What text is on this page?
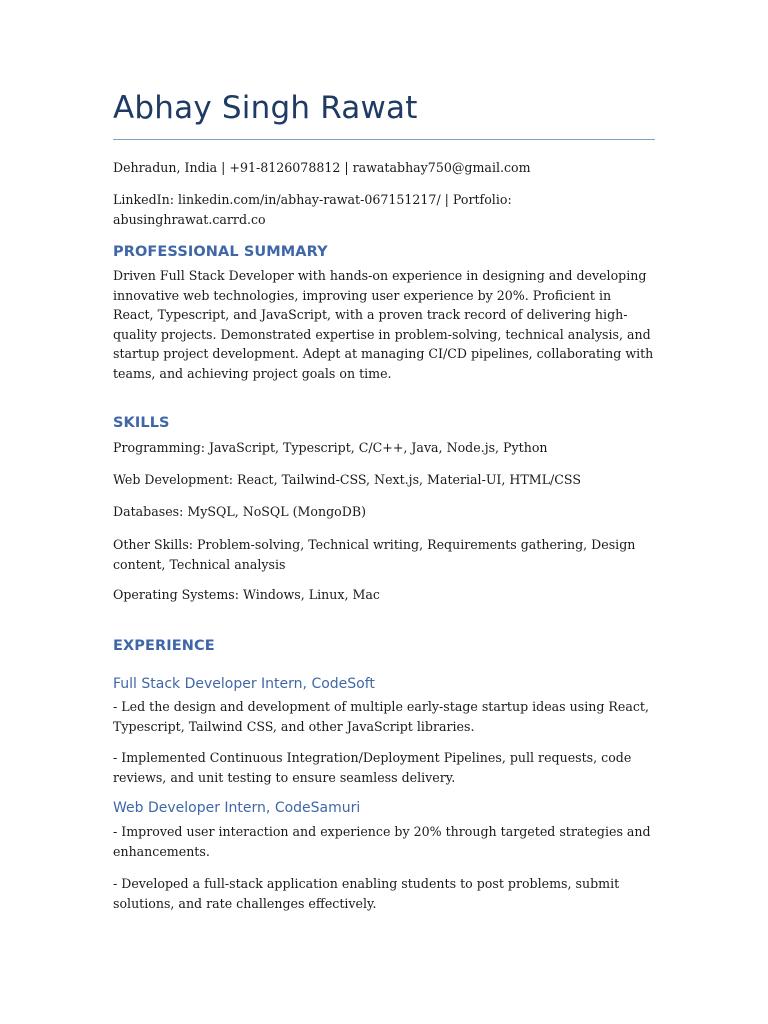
Abhay Singh Rawat

Dehradun, India | +91-8126078812 | rawatabhay750@gmail.com

LinkedIn: linkedin.com/in/abhay-rawat-067151217/ | Portfolio: abusinghrawat.carrd.co

PROFESSIONAL SUMMARY

Driven Full Stack Developer with hands-on experience in designing and developing innovative web technologies, improving user experience by 20%. Proficient in React, Typescript, and JavaScript, with a proven track record of delivering high-quality projects. Demonstrated expertise in problem-solving, technical analysis, and startup project development. Adept at managing CI/CD pipelines, collaborating with teams, and achieving project goals on time.

SKILLS

Programming: JavaScript, Typescript, C/C++, Java, Node.js, Python

Web Development: React, Tailwind-CSS, Next.js, Material-UI, HTML/CSS

Databases: MySQL, NoSQL (MongoDB)

Other Skills: Problem-solving, Technical writing, Requirements gathering, Design content, Technical analysis

Operating Systems: Windows, Linux, Mac

EXPERIENCE
Full Stack Developer Intern, CodeSoft

- Led the design and development of multiple early-stage startup ideas using React, Typescript, Tailwind CSS, and other JavaScript libraries.

- Implemented Continuous Integration/Deployment Pipelines, pull requests, code reviews, and unit testing to ensure seamless delivery.

Web Developer Intern, CodeSamuri

- Improved user interaction and experience by 20% through targeted strategies and enhancements.

- Developed a full-stack application enabling students to post problems, submit solutions, and rate challenges effectively.
